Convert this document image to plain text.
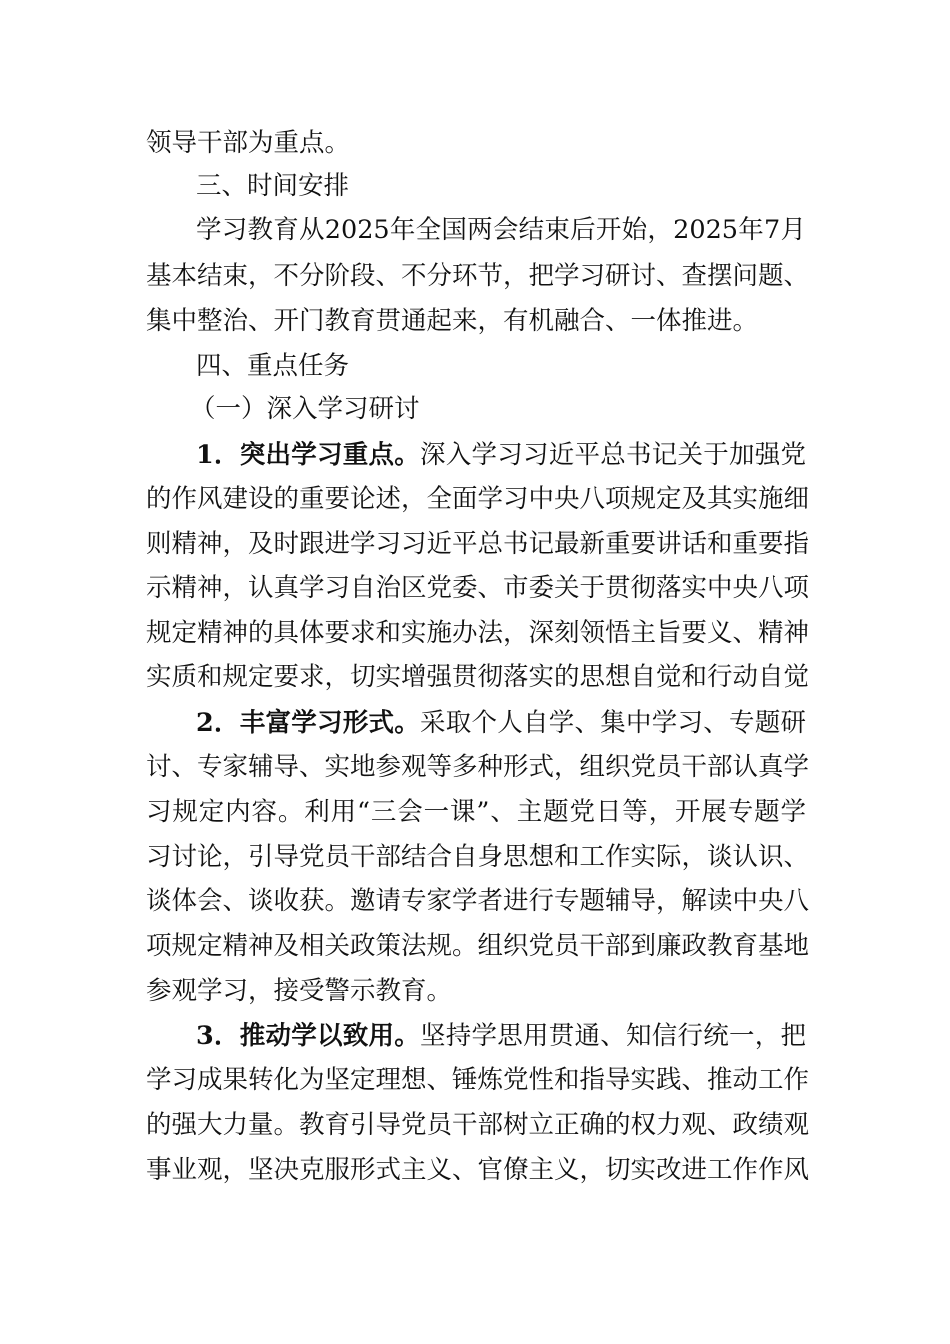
领导干部为重点。
三、时间安排
学习教育从2025年全国两会结束后开始，2025年7月
基本结束，不分阶段、不分环节，把学习研讨、查摆问题、
集中整治、开门教育贯通起来，有机融合、一体推进。
四、重点任务
（一）深入学习研讨
1．突出学习重点。深入学习习近平总书记关于加强党
的作风建设的重要论述，全面学习中央八项规定及其实施细
则精神，及时跟进学习习近平总书记最新重要讲话和重要指
示精神，认真学习自治区党委、市委关于贯彻落实中央八项
规定精神的具体要求和实施办法，深刻领悟主旨要义、精神
实质和规定要求，切实增强贯彻落实的思想自觉和行动自觉
2．丰富学习形式。采取个人自学、集中学习、专题研
讨、专家辅导、实地参观等多种形式，组织党员干部认真学
习规定内容。利用“三会一课”、主题党日等，开展专题学
习讨论，引导党员干部结合自身思想和工作实际，谈认识、
谈体会、谈收获。邀请专家学者进行专题辅导，解读中央八
项规定精神及相关政策法规。组织党员干部到廉政教育基地
参观学习，接受警示教育。
3．推动学以致用。坚持学思用贯通、知信行统一，把
学习成果转化为坚定理想、锤炼党性和指导实践、推动工作
的强大力量。教育引导党员干部树立正确的权力观、政绩观
事业观，坚决克服形式主义、官僚主义，切实改进工作作风
